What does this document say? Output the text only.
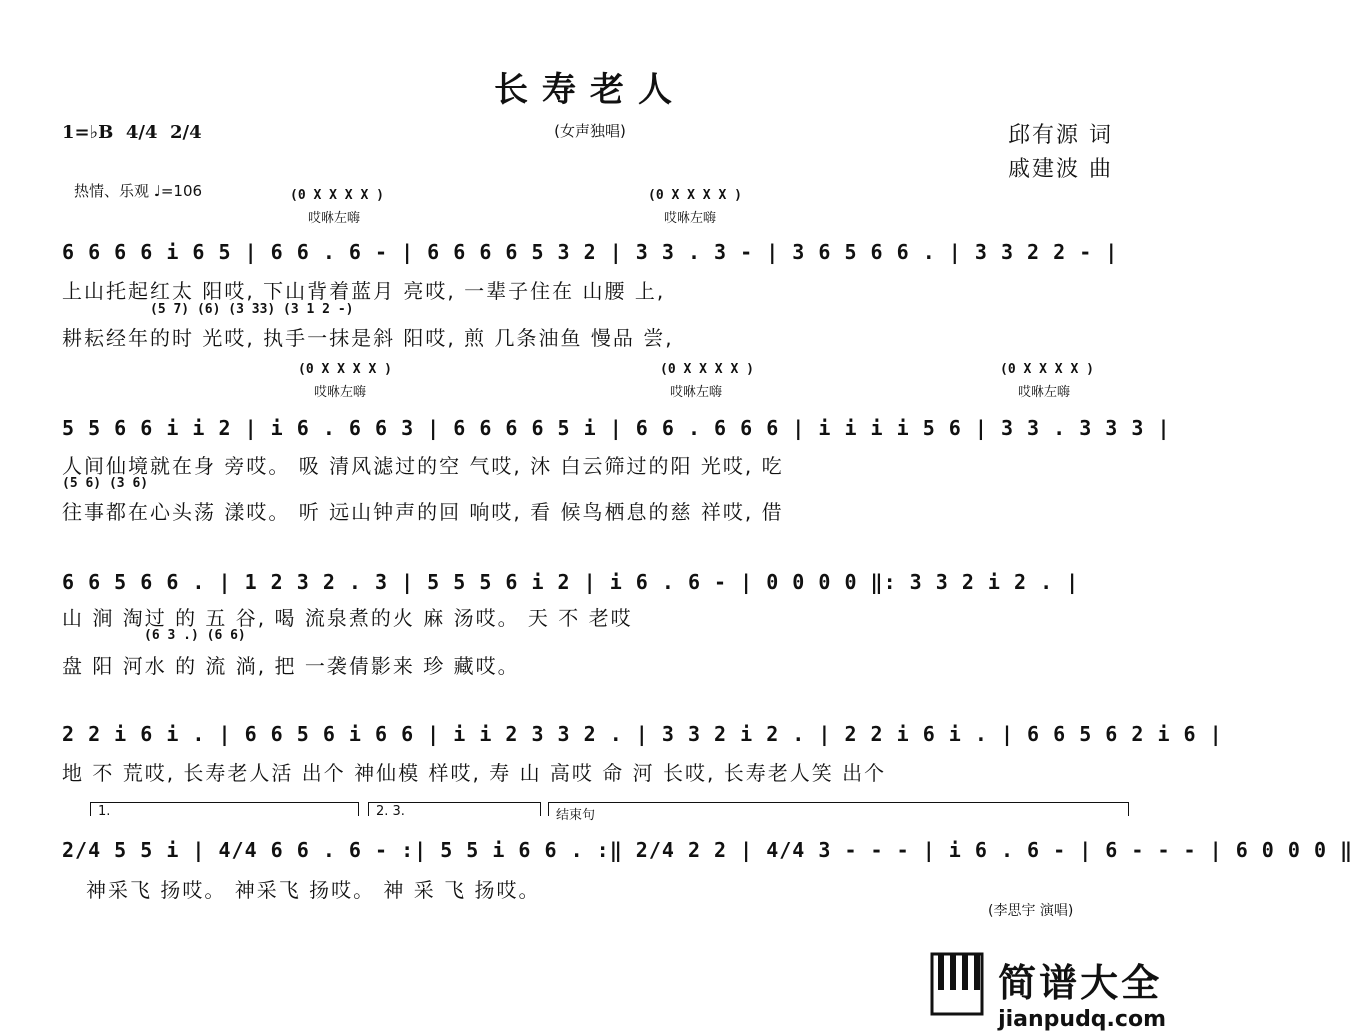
长寿老人
(女声独唱)
1=♭B 4/4 2/4	邱有源 词
戚建波 曲
热情、乐观 ♩=106	(0 X X X X )
哎咻左嗨
(0 X X X X )
哎咻左嗨
6 6 6 6 i 6 5 | 6 6 . 6 - | 6 6 6 6 5 3 2 | 3 3 . 3 - | 3 6 5 6 6 . | 3 3 2 2 - |
上山托起红太 阳哎, 下山背着蓝月 亮哎, 一辈子住在 山腰 上,
(5 7) (6) (3 33) (3 1 2 -)
耕耘经年的时 光哎, 执手一抹是斜 阳哎, 煎 几条油鱼 慢品 尝,
(0 X X X X )
哎咻左嗨
(0 X X X X )
哎咻左嗨
(0 X X X X )
哎咻左嗨
5 5 6 6 i i 2 | i 6 . 6 6 3 | 6 6 6 6 5 i | 6 6 . 6 6 6 | i i i i 5 6 | 3 3 . 3 3 3 |
人间仙境就在身 旁哎。 吸 清风滤过的空 气哎, 沐 白云筛过的阳 光哎, 吃
(5 6) (3 6)
往事都在心头荡 漾哎。 听 远山钟声的回 响哎, 看 候鸟栖息的慈 祥哎, 借
6 6 5 6 6 . | 1 2 3 2 . 3 | 5 5 5 6 i 2 | i 6 . 6 - | 0 0 0 0 ‖: 3 3 2 i 2 . |
山 涧 淘过 的 五 谷, 喝 流泉煮的火 麻 汤哎。 天 不 老哎
(6 3 .) (6 6)
盘 阳 河水 的 流 淌, 把 一袭倩影来 珍 藏哎。
2 2 i 6 i . | 6 6 5 6 i 6 6 | i i 2 3 3 2 . | 3 3 2 i 2 . | 2 2 i 6 i . | 6 6 5 6 2 i 6 |
地 不 荒哎, 长寿老人活 出个 神仙模 样哎, 寿 山 高哎 命 河 长哎, 长寿老人笑 出个
1.	2. 3.	结束句
2/4 5 5 i | 4/4 6 6 . 6 - :| 5 5 i 6 6 . :‖ 2/4 2 2 | 4/4 3 - - - | i 6 . 6 - | 6 - - - | 6 0 0 0 ‖
神采飞 扬哎。 神采飞 扬哎。 神 采 飞 扬哎。
(李思宇 演唱)
简谱大全
jianpudq.com
